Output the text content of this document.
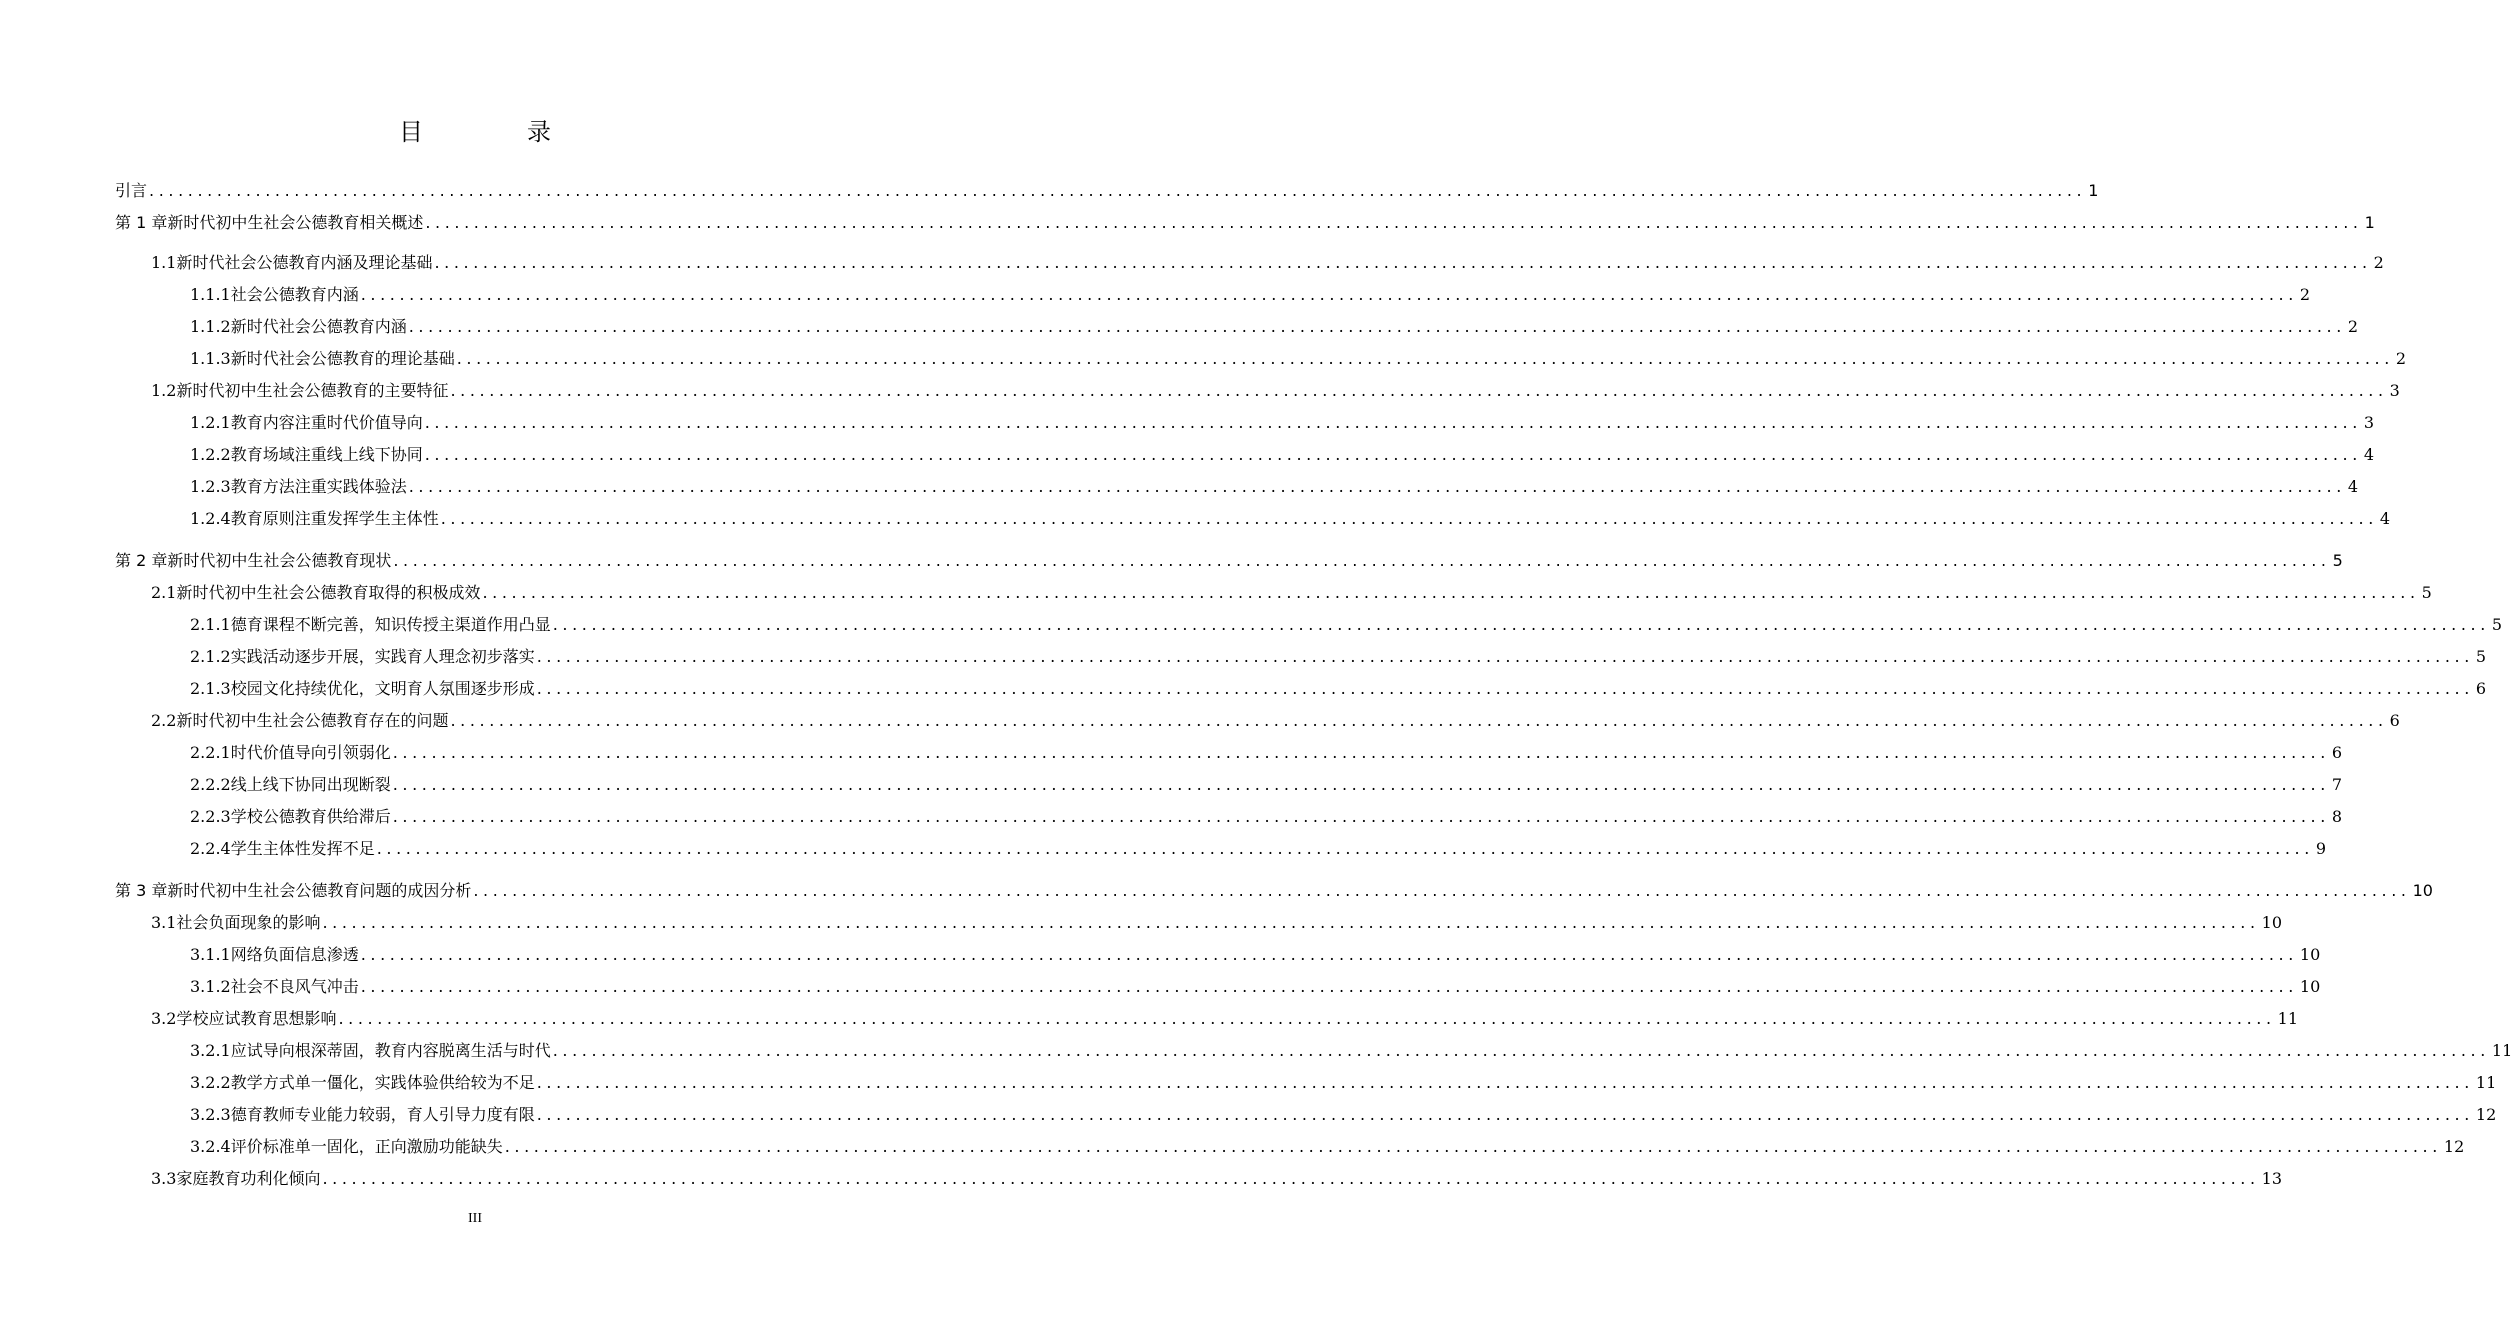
目　录
引言 ........................................................................................................................................................................................................ 1
第 1 章 新时代初中生社会公德教育相关概述 ........................................................................................................................................................................................................ 1
1.1 新时代社会公德教育内涵及理论基础 ........................................................................................................................................................................................................ 2
1.1.1 社会公德教育内涵 ........................................................................................................................................................................................................ 2
1.1.2 新时代社会公德教育内涵 ........................................................................................................................................................................................................ 2
1.1.3 新时代社会公德教育的理论基础 ........................................................................................................................................................................................................ 2
1.2 新时代初中生社会公德教育的主要特征 ........................................................................................................................................................................................................ 3
1.2.1 教育内容注重时代价值导向 ........................................................................................................................................................................................................ 3
1.2.2 教育场域注重线上线下协同 ........................................................................................................................................................................................................ 4
1.2.3 教育方法注重实践体验法 ........................................................................................................................................................................................................ 4
1.2.4 教育原则注重发挥学生主体性 ........................................................................................................................................................................................................ 4
第 2 章 新时代初中生社会公德教育现状 ........................................................................................................................................................................................................ 5
2.1 新时代初中生社会公德教育取得的积极成效 ........................................................................................................................................................................................................ 5
2.1.1 德育课程不断完善，知识传授主渠道作用凸显 ........................................................................................................................................................................................................ 5
2.1.2 实践活动逐步开展，实践育人理念初步落实 ........................................................................................................................................................................................................ 5
2.1.3 校园文化持续优化，文明育人氛围逐步形成 ........................................................................................................................................................................................................ 6
2.2 新时代初中生社会公德教育存在的问题 ........................................................................................................................................................................................................ 6
2.2.1 时代价值导向引领弱化 ........................................................................................................................................................................................................ 6
2.2.2 线上线下协同出现断裂 ........................................................................................................................................................................................................ 7
2.2.3 学校公德教育供给滞后 ........................................................................................................................................................................................................ 8
2.2.4 学生主体性发挥不足 ........................................................................................................................................................................................................ 9
第 3 章 新时代初中生社会公德教育问题的成因分析 ........................................................................................................................................................................................................ 10
3.1 社会负面现象的影响 ........................................................................................................................................................................................................ 10
3.1.1 网络负面信息渗透 ........................................................................................................................................................................................................ 10
3.1.2 社会不良风气冲击 ........................................................................................................................................................................................................ 10
3.2 学校应试教育思想影响 ........................................................................................................................................................................................................ 11
3.2.1 应试导向根深蒂固，教育内容脱离生活与时代 ........................................................................................................................................................................................................ 11
3.2.2 教学方式单一僵化，实践体验供给较为不足 ........................................................................................................................................................................................................ 11
3.2.3 德育教师专业能力较弱，育人引导力度有限 ........................................................................................................................................................................................................ 12
3.2.4 评价标准单一固化，正向激励功能缺失 ........................................................................................................................................................................................................ 12
3.3 家庭教育功利化倾向 ........................................................................................................................................................................................................ 13
III
